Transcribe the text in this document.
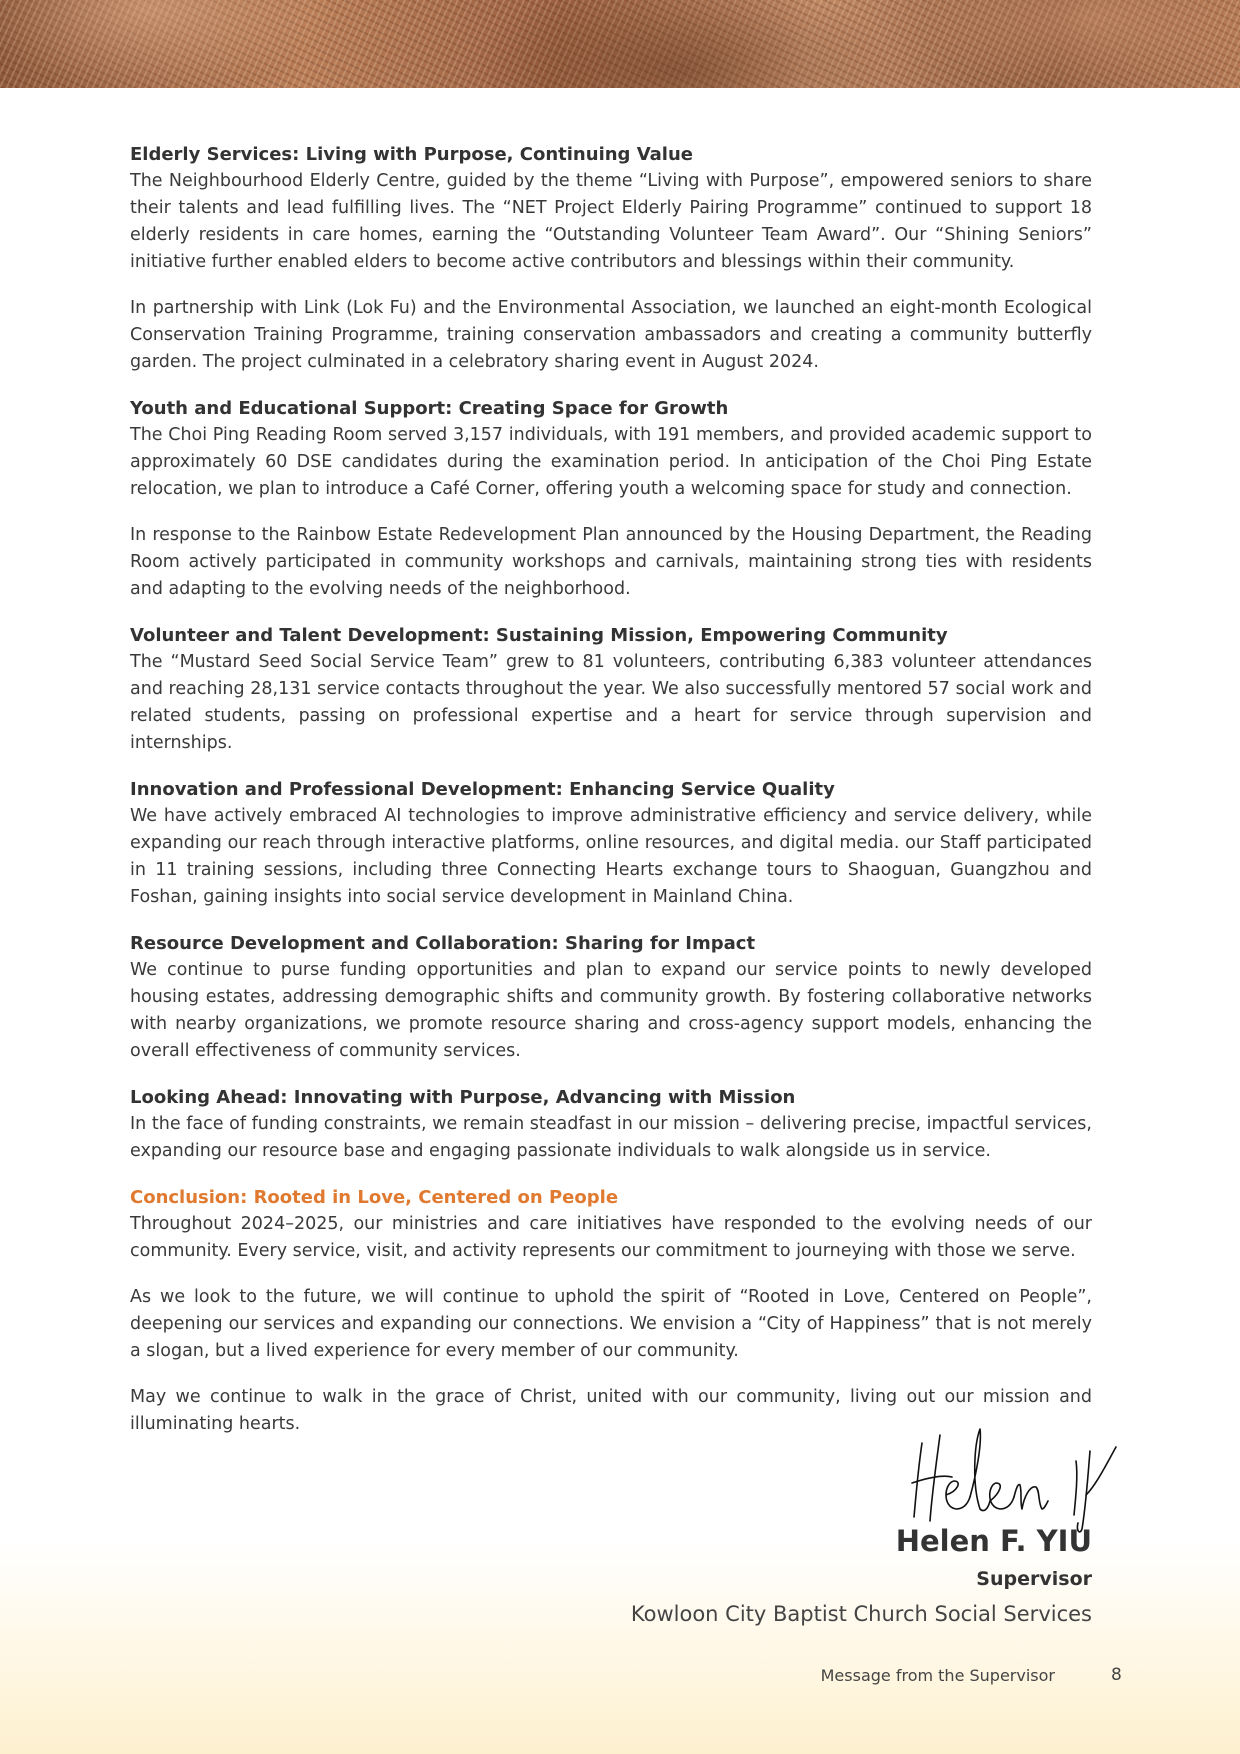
Elderly Services: Living with Purpose, Continuing Value

The Neighbourhood Elderly Centre, guided by the theme “Living with Purpose”, empowered seniors to share their talents and lead fulfilling lives. The “NET Project Elderly Pairing Programme” continued to support 18 elderly residents in care homes, earning the “Outstanding Volunteer Team Award”. Our “Shining Seniors” initiative further enabled elders to become active contributors and blessings within their community.

In partnership with Link (Lok Fu) and the Environmental Association, we launched an eight-month Ecological Conservation Training Programme, training conservation ambassadors and creating a community butterfly garden. The project culminated in a celebratory sharing event in August 2024.

Youth and Educational Support: Creating Space for Growth

The Choi Ping Reading Room served 3,157 individuals, with 191 members, and provided academic support to approximately 60 DSE candidates during the examination period. In anticipation of the Choi Ping Estate relocation, we plan to introduce a Café Corner, offering youth a welcoming space for study and connection.

In response to the Rainbow Estate Redevelopment Plan announced by the Housing Department, the Reading Room actively participated in community workshops and carnivals, maintaining strong ties with residents and adapting to the evolving needs of the neighborhood.

Volunteer and Talent Development: Sustaining Mission, Empowering Community

The “Mustard Seed Social Service Team” grew to 81 volunteers, contributing 6,383 volunteer attendances and reaching 28,131 service contacts throughout the year. We also successfully mentored 57 social work and related students, passing on professional expertise and a heart for service through supervision and internships.

Innovation and Professional Development: Enhancing Service Quality

We have actively embraced AI technologies to improve administrative efficiency and service delivery, while expanding our reach through interactive platforms, online resources, and digital media. our Staff participated in 11 training sessions, including three Connecting Hearts exchange tours to Shaoguan, Guangzhou and Foshan, gaining insights into social service development in Mainland China.

Resource Development and Collaboration: Sharing for Impact

We continue to purse funding opportunities and plan to expand our service points to newly developed housing estates, addressing demographic shifts and community growth. By fostering collaborative networks with nearby organizations, we promote resource sharing and cross-agency support models, enhancing the overall effectiveness of community services.

Looking Ahead: Innovating with Purpose, Advancing with Mission

In the face of funding constraints, we remain steadfast in our mission – delivering precise, impactful services, expanding our resource base and engaging passionate individuals to walk alongside us in service.

Conclusion: Rooted in Love, Centered on People

Throughout 2024–2025, our ministries and care initiatives have responded to the evolving needs of our community. Every service, visit, and activity represents our commitment to journeying with those we serve.

As we look to the future, we will continue to uphold the spirit of “Rooted in Love, Centered on People”, deepening our services and expanding our connections. We envision a “City of Happiness” that is not merely a slogan, but a lived experience for every member of our community.

May we continue to walk in the grace of Christ, united with our community, living out our mission and illuminating hearts.

Helen F. YIU
Supervisor
Kowloon City Baptist Church Social Services
Message from the Supervisor	8
